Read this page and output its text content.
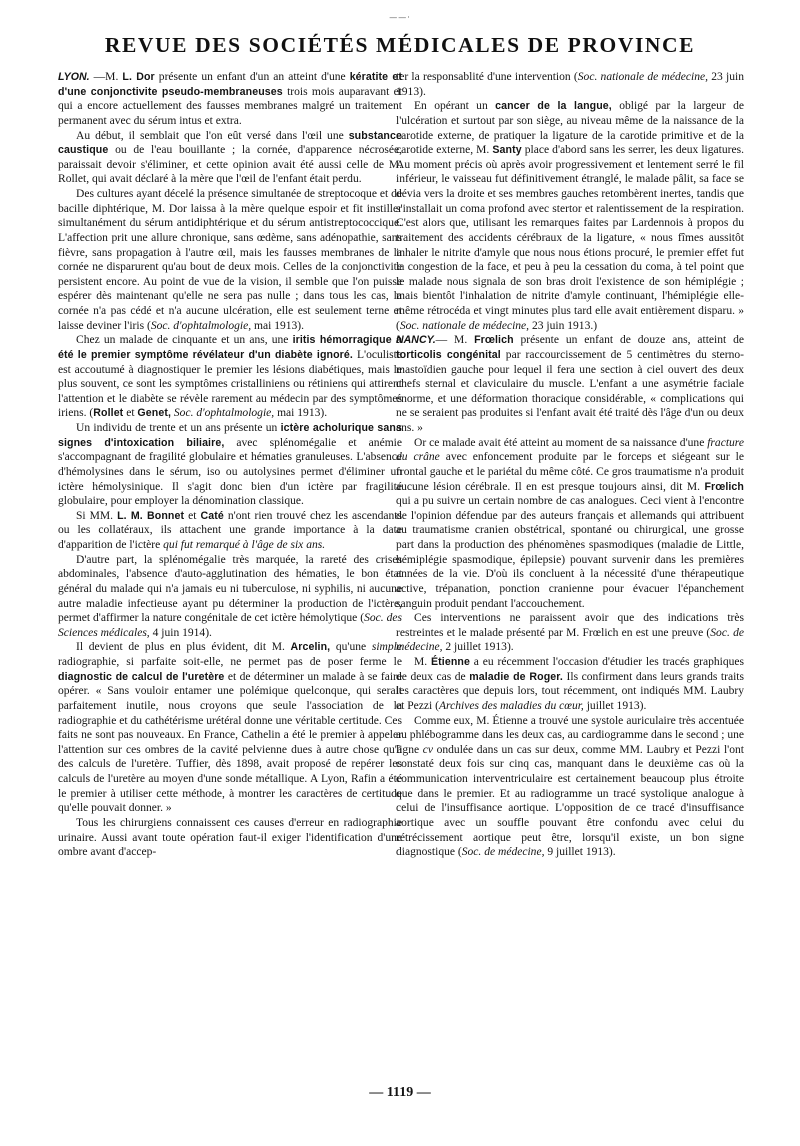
——·
REVUE DES SOCIÉTÉS MÉDICALES DE PROVINCE

LYON. —M. L. Dor présente un enfant d'un an atteint d'une kératite et d'une conjonctivite pseudo-membraneuses trois mois auparavant et qui a encore actuellement des fausses membranes malgré un traitement permanent avec du sérum intus et extra.

Au début, il semblait que l'on eût versé dans l'œil une substance caustique ou de l'eau bouillante ; la cornée, d'apparence nécrosée, paraissait devoir s'éliminer, et cette opinion avait été aussi celle de M. Rollet, qui avait déclaré à la mère que l'œil de l'enfant était perdu.

Des cultures ayant décelé la présence simultanée de streptocoque et de bacille diphtérique, M. Dor laissa à la mère quelque espoir et fit instiller simultanément du sérum antidiphtérique et du sérum antistreptococcique. L'affection prit une allure chronique, sans œdème, sans adénopathie, sans fièvre, sans propagation à l'autre œil, mais les fausses membranes de la cornée ne disparurent qu'au bout de deux mois. Celles de la conjonctivite persistent encore. Au point de vue de la vision, il semble que l'on puisse espérer dès maintenant qu'elle ne sera pas nulle ; dans tous les cas, la cornée n'a pas cédé et n'a aucune ulcération, elle est seulement terne et laisse deviner l'iris (Soc. d'ophtalmologie, mai 1913).

Chez un malade de cinquante et un ans, une iritis hémorragique a été le premier symptôme révélateur d'un diabète ignoré. L'oculiste est accoutumé à diagnostiquer le premier les lésions diabétiques, mais le plus souvent, ce sont les symptômes cristalliniens ou rétiniens qui attirent l'attention et le diabète se révèle rarement au médecin par des symptômes iriens. (Rollet et Genet, Soc. d'ophtalmologie, mai 1913).

Un individu de trente et un ans présente un ictère acholurique sans signes d'intoxication biliaire, avec splénomégalie et anémie s'accompagnant de fragilité globulaire et hématies granuleuses. L'absence d'hémolysines dans le sérum, iso ou autolysines permet d'éliminer un ictère hémolysinique. Il s'agit donc bien d'un ictère par fragilité globulaire, pour employer la dénomination classique.

Si MM. L. M. Bonnet et Caté n'ont rien trouvé chez les ascendants ou les collatéraux, ils attachent une grande importance à la date d'apparition de l'ictère qui fut remarqué à l'âge de six ans.

D'autre part, la splénomégalie très marquée, la rareté des crises abdominales, l'absence d'auto-agglutination des hématies, le bon état général du malade qui n'a jamais eu ni tuberculose, ni syphilis, ni aucune autre maladie infectieuse ayant pu déterminer la production de l'ictère, permet d'affirmer la nature congénitale de cet ictère hémolytique (Soc. des Sciences médicales, 4 juin 1914).

Il devient de plus en plus évident, dit M. Arcelin, qu'une simple radiographie, si parfaite soit-elle, ne permet pas de poser ferme le diagnostic de calcul de l'uretère et de déterminer un malade à se faire opérer. « Sans vouloir entamer une polémique quelconque, qui serait parfaitement inutile, nous croyons que seule l'association de la radiographie et du cathétérisme urétéral donne une véritable certitude. Ces faits ne sont pas nouveaux. En France, Cathelin a été le premier à appeler l'attention sur ces ombres de la cavité pelvienne dues à autre chose qu'à des calculs de l'uretère. Tuffier, dès 1898, avait proposé de repérer les calculs de l'uretère au moyen d'une sonde métallique. A Lyon, Rafin a été le premier à utiliser cette méthode, à montrer les caractères de certitude qu'elle pouvait donner. »

Tous les chirurgiens connaissent ces causes d'erreur en radiographie urinaire. Aussi avant toute opération faut-il exiger l'identification d'une ombre avant d'accep-

ter la responsablité d'une intervention (Soc. nationale de médecine, 23 juin 1913).

En opérant un cancer de la langue, obligé par la largeur de l'ulcération et surtout par son siège, au niveau même de la naissance de la carotide externe, de pratiquer la ligature de la carotide primitive et de la carotide externe, M. Santy place d'abord sans les serrer, les deux ligatures. Au moment précis où après avoir progressivement et lentement serré le fil inférieur, le vaisseau fut définitivement étranglé, le malade pâlit, sa face se dévia vers la droite et ses membres gauches retombèrent inertes, tandis que s'installait un coma profond avec stertor et ralentissement de la respiration. C'est alors que, utilisant les remarques faites par Lardennois à propos du traitement des accidents cérébraux de la ligature, « nous fîmes aussitôt inhaler le nitrite d'amyle que nous nous étions procuré, le premier effet fut la congestion de la face, et peu à peu la cessation du coma, à tel point que le malade nous signala de son bras droit l'existence de son hémiplégie ; mais bientôt l'inhalation de nitrite d'amyle continuant, l'hémiplégie elle-même rétrocéda et vingt minutes plus tard elle avait entièrement disparu. » (Soc. nationale de médecine, 23 juin 1913.)

NANCY.— M. Frœlich présente un enfant de douze ans, atteint de torticolis congénital par raccourcissement de 5 centimètres du sterno-mastoïdien gauche pour lequel il fera une section à ciel ouvert des deux chefs sternal et claviculaire du muscle. L'enfant a une asymétrie faciale énorme, et une déformation thoracique considérable, « complications qui ne se seraient pas produites si l'enfant avait été traité dès l'âge d'un ou deux ans. »

Or ce malade avait été atteint au moment de sa naissance d'une fracture du crâne avec enfoncement produite par le forceps et siégeant sur le frontal gauche et le pariétal du même côté. Ce gros traumatisme n'a produit aucune lésion cérébrale. Il en est presque toujours ainsi, dit M. Frœlich qui a pu suivre un certain nombre de cas analogues. Ceci vient à l'encontre de l'opinion défendue par des auteurs français et allemands qui attribuent au traumatisme cranien obstétrical, spontané ou chirurgical, une grosse part dans la production des phénomènes spasmodiques (maladie de Little, hémiplégie spasmodique, épilepsie) pouvant survenir dans les premières années de la vie. D'où ils concluent à la nécessité d'une thérapeutique active, trépanation, ponction cranienne pour évacuer l'épanchement sanguin produit pendant l'accouchement.

Ces interventions ne paraissent avoir que des indications très restreintes et le malade présenté par M. Frœlich en est une preuve (Soc. de médecine, 2 juillet 1913).

M. Étienne a eu récemment l'occasion d'étudier les tracés graphiques de deux cas de maladie de Roger. Ils confirment dans leurs grands traits les caractères que depuis lors, tout récemment, ont indiqués MM. Laubry et Pezzi (Archives des maladies du cœur, juillet 1913).

Comme eux, M. Étienne a trouvé une systole auriculaire très accentuée au phlébogramme dans les deux cas, au cardiogramme dans le second ; une ligne cv ondulée dans un cas sur deux, comme MM. Laubry et Pezzi l'ont constaté deux fois sur cinq cas, manquant dans le deuxième cas où la communication interventriculaire est certainement beaucoup plus étroite que dans le premier. Et au radiogramme un tracé systolique analogue à celui de l'insuffisance aortique. L'opposition de ce tracé d'insuffisance aortique avec un souffle pouvant être confondu avec celui du rétrécissement aortique peut être, lorsqu'il existe, un bon signe diagnostique (Soc. de médecine, 9 juillet 1913).

— 1119 —
